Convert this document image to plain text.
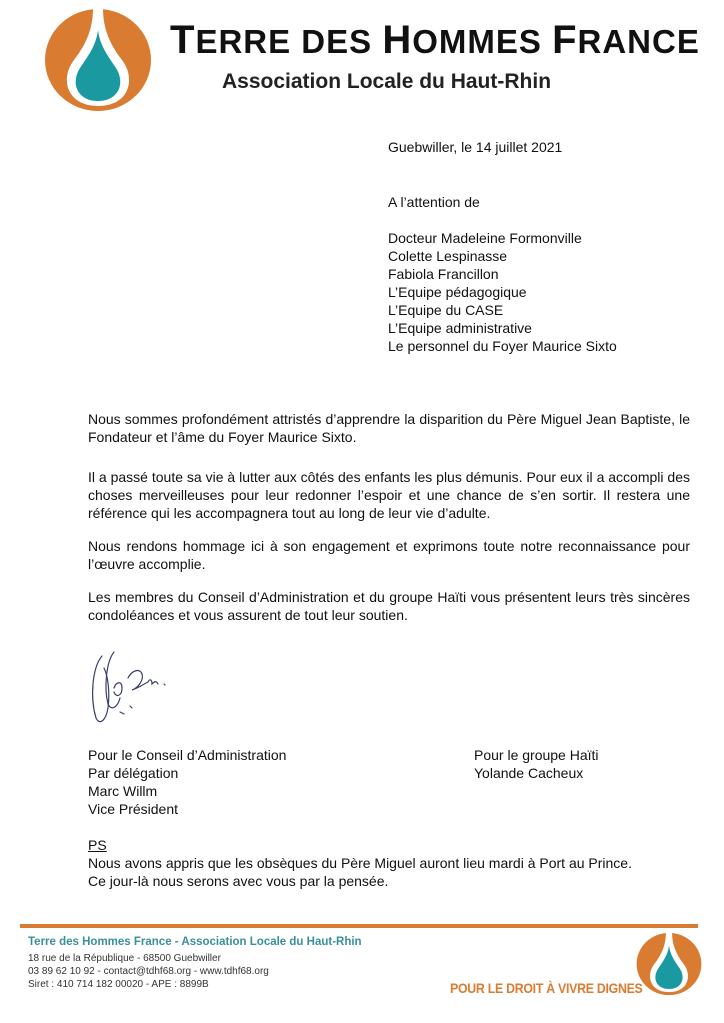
TERRE DES HOMMES FRANCE
Association Locale du Haut-Rhin
Guebwiller, le 14 juillet 2021
A l’attention de
Docteur Madeleine Formonville
Colette Lespinasse
Fabiola Francillon
L’Equipe pédagogique
L’Equipe du CASE
L’Equipe administrative
Le personnel du Foyer Maurice Sixto
Nous sommes profondément attristés d’apprendre la disparition du Père Miguel Jean Baptiste, le Fondateur et l’âme du Foyer Maurice Sixto.
Il a passé toute sa vie à lutter aux côtés des enfants les plus démunis. Pour eux il a accompli des choses merveilleuses pour leur redonner l’espoir et une chance de s’en sortir. Il restera une référence qui les accompagnera tout au long de leur vie d’adulte.
Nous rendons hommage ici à son engagement et exprimons toute notre reconnaissance pour l’œuvre accomplie.
Les membres du Conseil d’Administration et du groupe Haïti vous présentent leurs très sincères condoléances et vous assurent de tout leur soutien.
Pour le Conseil d’Administration
Par délégation
Marc Willm
Vice Président
Pour le groupe Haïti
Yolande Cacheux
PS
Nous avons appris que les obsèques du Père Miguel auront lieu mardi à Port au Prince.
Ce jour-là nous serons avec vous par la pensée.
Terre des Hommes France - Association Locale du Haut-Rhin
18 rue de la République - 68500 Guebwiller
03 89 62 10 92 - contact@tdhf68.org - www.tdhf68.org
Siret : 410 714 182 00020 - APE : 8899B	POUR LE DROIT À VIVRE DIGNES
